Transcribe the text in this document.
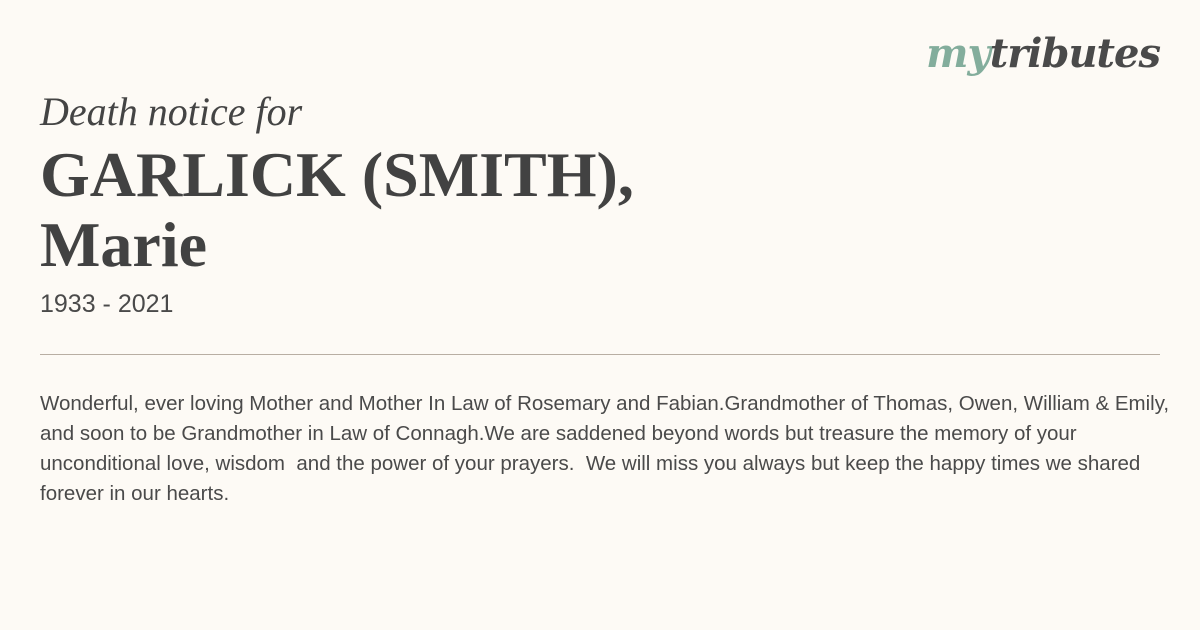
mytributes
Death notice for
GARLICK (SMITH),
Marie
1933 - 2021
Wonderful, ever loving Mother and Mother In Law of Rosemary and Fabian.Grandmother of Thomas, Owen, William & Emily, and soon to be Grandmother in Law of Connagh.We are saddened beyond words but treasure the memory of your unconditional love, wisdom  and the power of your prayers.  We will miss you always but keep the happy times we shared forever in our hearts.
